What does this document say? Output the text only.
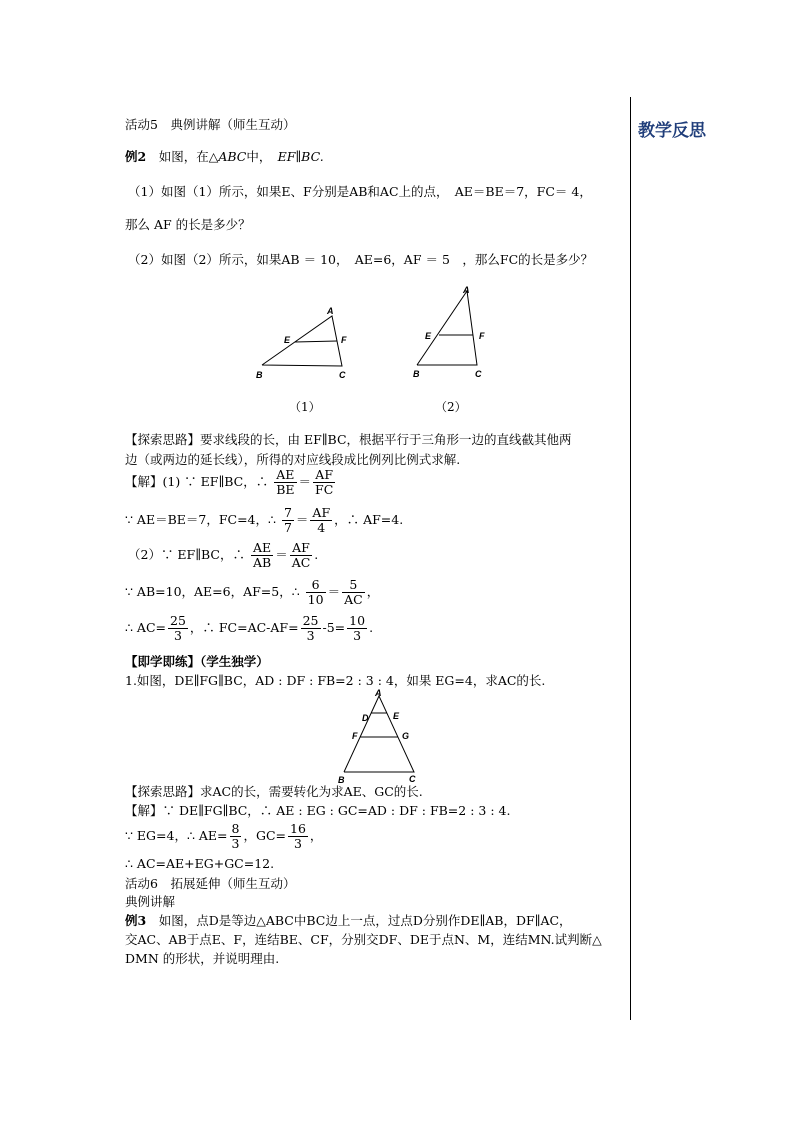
教学反思
活动5　典例讲解（师生互动）
例2　如图，在△ABC中，　EF∥BC.
（1）如图（1）所示，如果E、F分别是AB和AC上的点，　AE＝BE＝7，FC＝ 4，
那么 AF 的长是多少？
（2）如图（2）所示，如果AB ＝ 10，　AE=6，AF ＝ 5　，那么FC的长是多少？
A
E	F
B	C
（1）
A
E	F
B	C
（2）
【探索思路】要求线段的长，由 EF∥BC，根据平行于三角形一边的直线截其他两
边（或两边的延长线），所得的对应线段成比例列比例式求解.
【解】(1) ∵ EF∥BC，∴ $\frac{AE}{BE} = \frac{AF}{FC}$
∵ AE＝BE＝7，FC=4，∴ $\frac{7}{7} = \frac{AF}{4}$ ，∴ AF=4.
（2）∵ EF∥BC，∴ $\frac{AE}{AB} = \frac{AF}{AC}$ .
∵ AB=10，AE=6，AF=5，∴ $\frac{6}{10} = \frac{5}{AC}$ ，
∴ $AC= \frac{25}{3}$ ，∴ $FC=AC-AF= \frac{25}{3} -5= \frac{10}{3}$ .
【即学即练】（学生独学）
1.如图，DE∥FG∥BC，AD : DF : FB=2 : 3 : 4，如果 EG=4，求AC的长.
A
D	E
F	G
B	C
【探索思路】求AC的长，需要转化为求AE、GC的长.
【解】∵ DE∥FG∥BC，∴ AE : EG : GC=AD : DF : FB=2 : 3 : 4.
∵ EG=4，∴ $AE= \frac{8}{3}$ ，$GC= \frac{16}{3}$ ，
∴ AC=AE+EG+GC=12.
活动6　拓展延伸（师生互动）
典例讲解
例3　如图，点D是等边△ABC中BC边上一点，过点D分别作DE∥AB，DF∥AC，
交AC、AB于点E、F，连结BE、CF，分别交DF、DE于点N、M，连结MN.试判断△
DMN 的形状，并说明理由.
